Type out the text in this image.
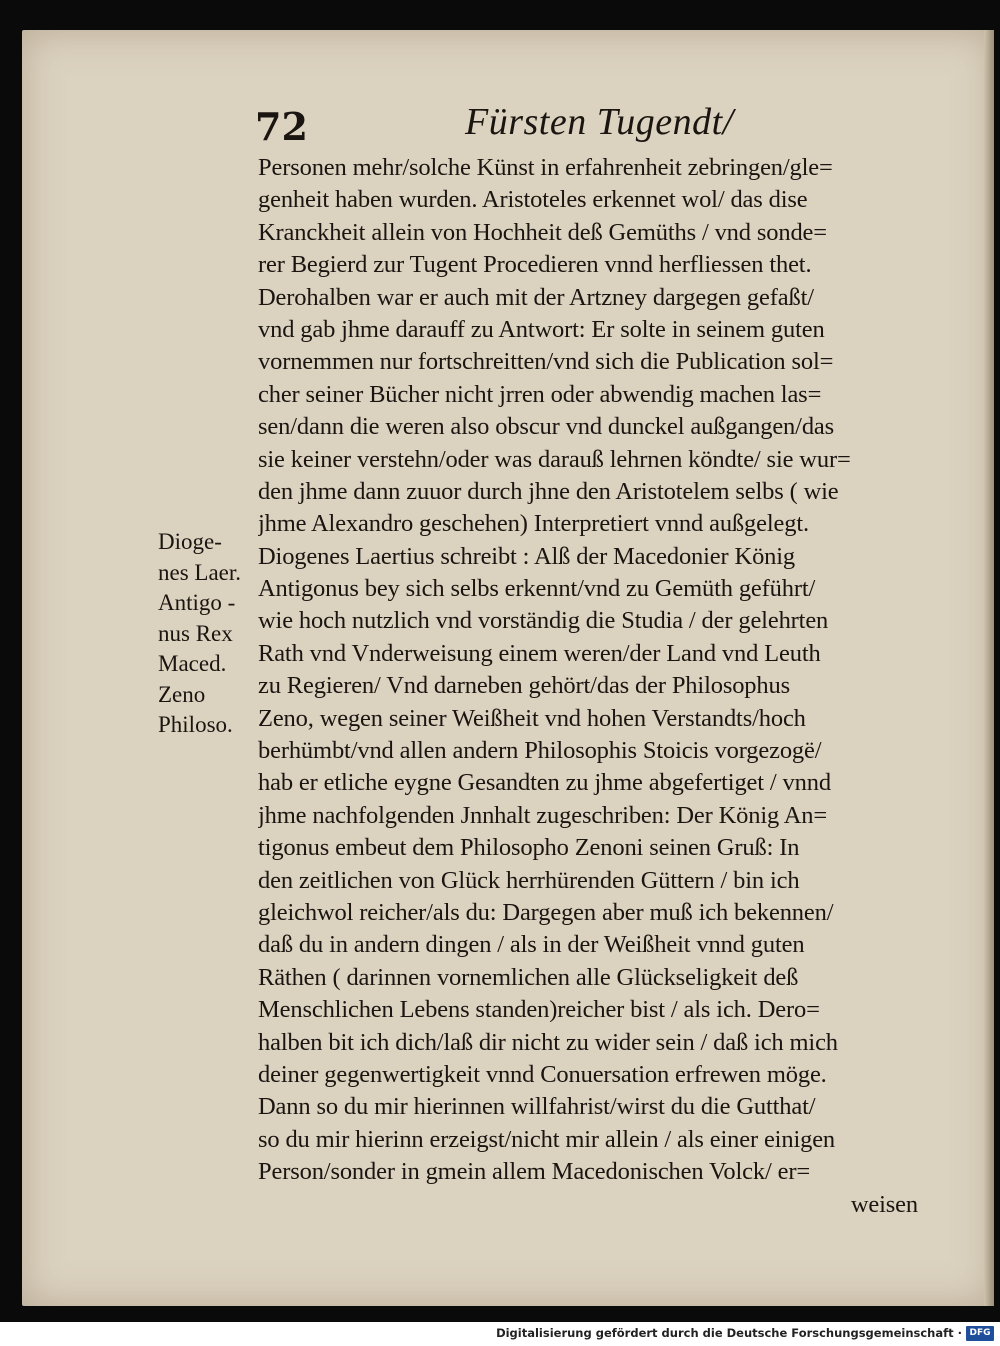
72	Fürsten Tugendt/
Dioge-
nes Laer.
Antigo -
nus Rex
Maced.
Zeno
Philoso.
Personen mehr/solche Künst in erfahrenheit zebringen/gle=
genheit haben wurden. Aristoteles erkennet wol/ das dise
Kranckheit allein von Hochheit deß Gemüths / vnd sonde=
rer Begierd zur Tugent Procedieren vnnd herfliessen thet.
Derohalben war er auch mit der Artzney dargegen gefaßt/
vnd gab jhme darauff zu Antwort: Er solte in seinem guten
vornemmen nur fortschreitten/vnd sich die Publication sol=
cher seiner Bücher nicht jrren oder abwendig machen las=
sen/dann die weren also obscur vnd dunckel außgangen/das
sie keiner verstehn/oder was darauß lehrnen köndte/ sie wur=
den jhme dann zuuor durch jhne den Aristotelem selbs ( wie
jhme Alexandro geschehen) Interpretiert vnnd außgelegt.
Diogenes Laertius schreibt : Alß der Macedonier König
Antigonus bey sich selbs erkennt/vnd zu Gemüth geführt/
wie hoch nutzlich vnd vorständig die Studia / der gelehrten
Rath vnd Vnderweisung einem weren/der Land vnd Leuth
zu Regieren/ Vnd darneben gehört/das der Philosophus
Zeno, wegen seiner Weißheit vnd hohen Verstandts/hoch
berhümbt/vnd allen andern Philosophis Stoicis vorgezogë/
hab er etliche eygne Gesandten zu jhme abgefertiget / vnnd
jhme nachfolgenden Jnnhalt zugeschriben: Der König An=
tigonus embeut dem Philosopho Zenoni seinen Gruß: In
den zeitlichen von Glück herrhürenden Güttern / bin ich
gleichwol reicher/als du: Dargegen aber muß ich bekennen/
daß du in andern dingen / als in der Weißheit vnnd guten
Räthen ( darinnen vornemlichen alle Glückseligkeit deß
Menschlichen Lebens standen)reicher bist / als ich. Dero=
halben bit ich dich/laß dir nicht zu wider sein / daß ich mich
deiner gegenwertigkeit vnnd Conuersation erfrewen möge.
Dann so du mir hierinnen willfahrist/wirst du die Gutthat/
so du mir hierinn erzeigst/nicht mir allein / als einer einigen
Person/sonder in gmein allem Macedonischen Volck/ er=
weisen
Digitalisierung gefördert durch die Deutsche Forschungsgemeinschaft · DFG
